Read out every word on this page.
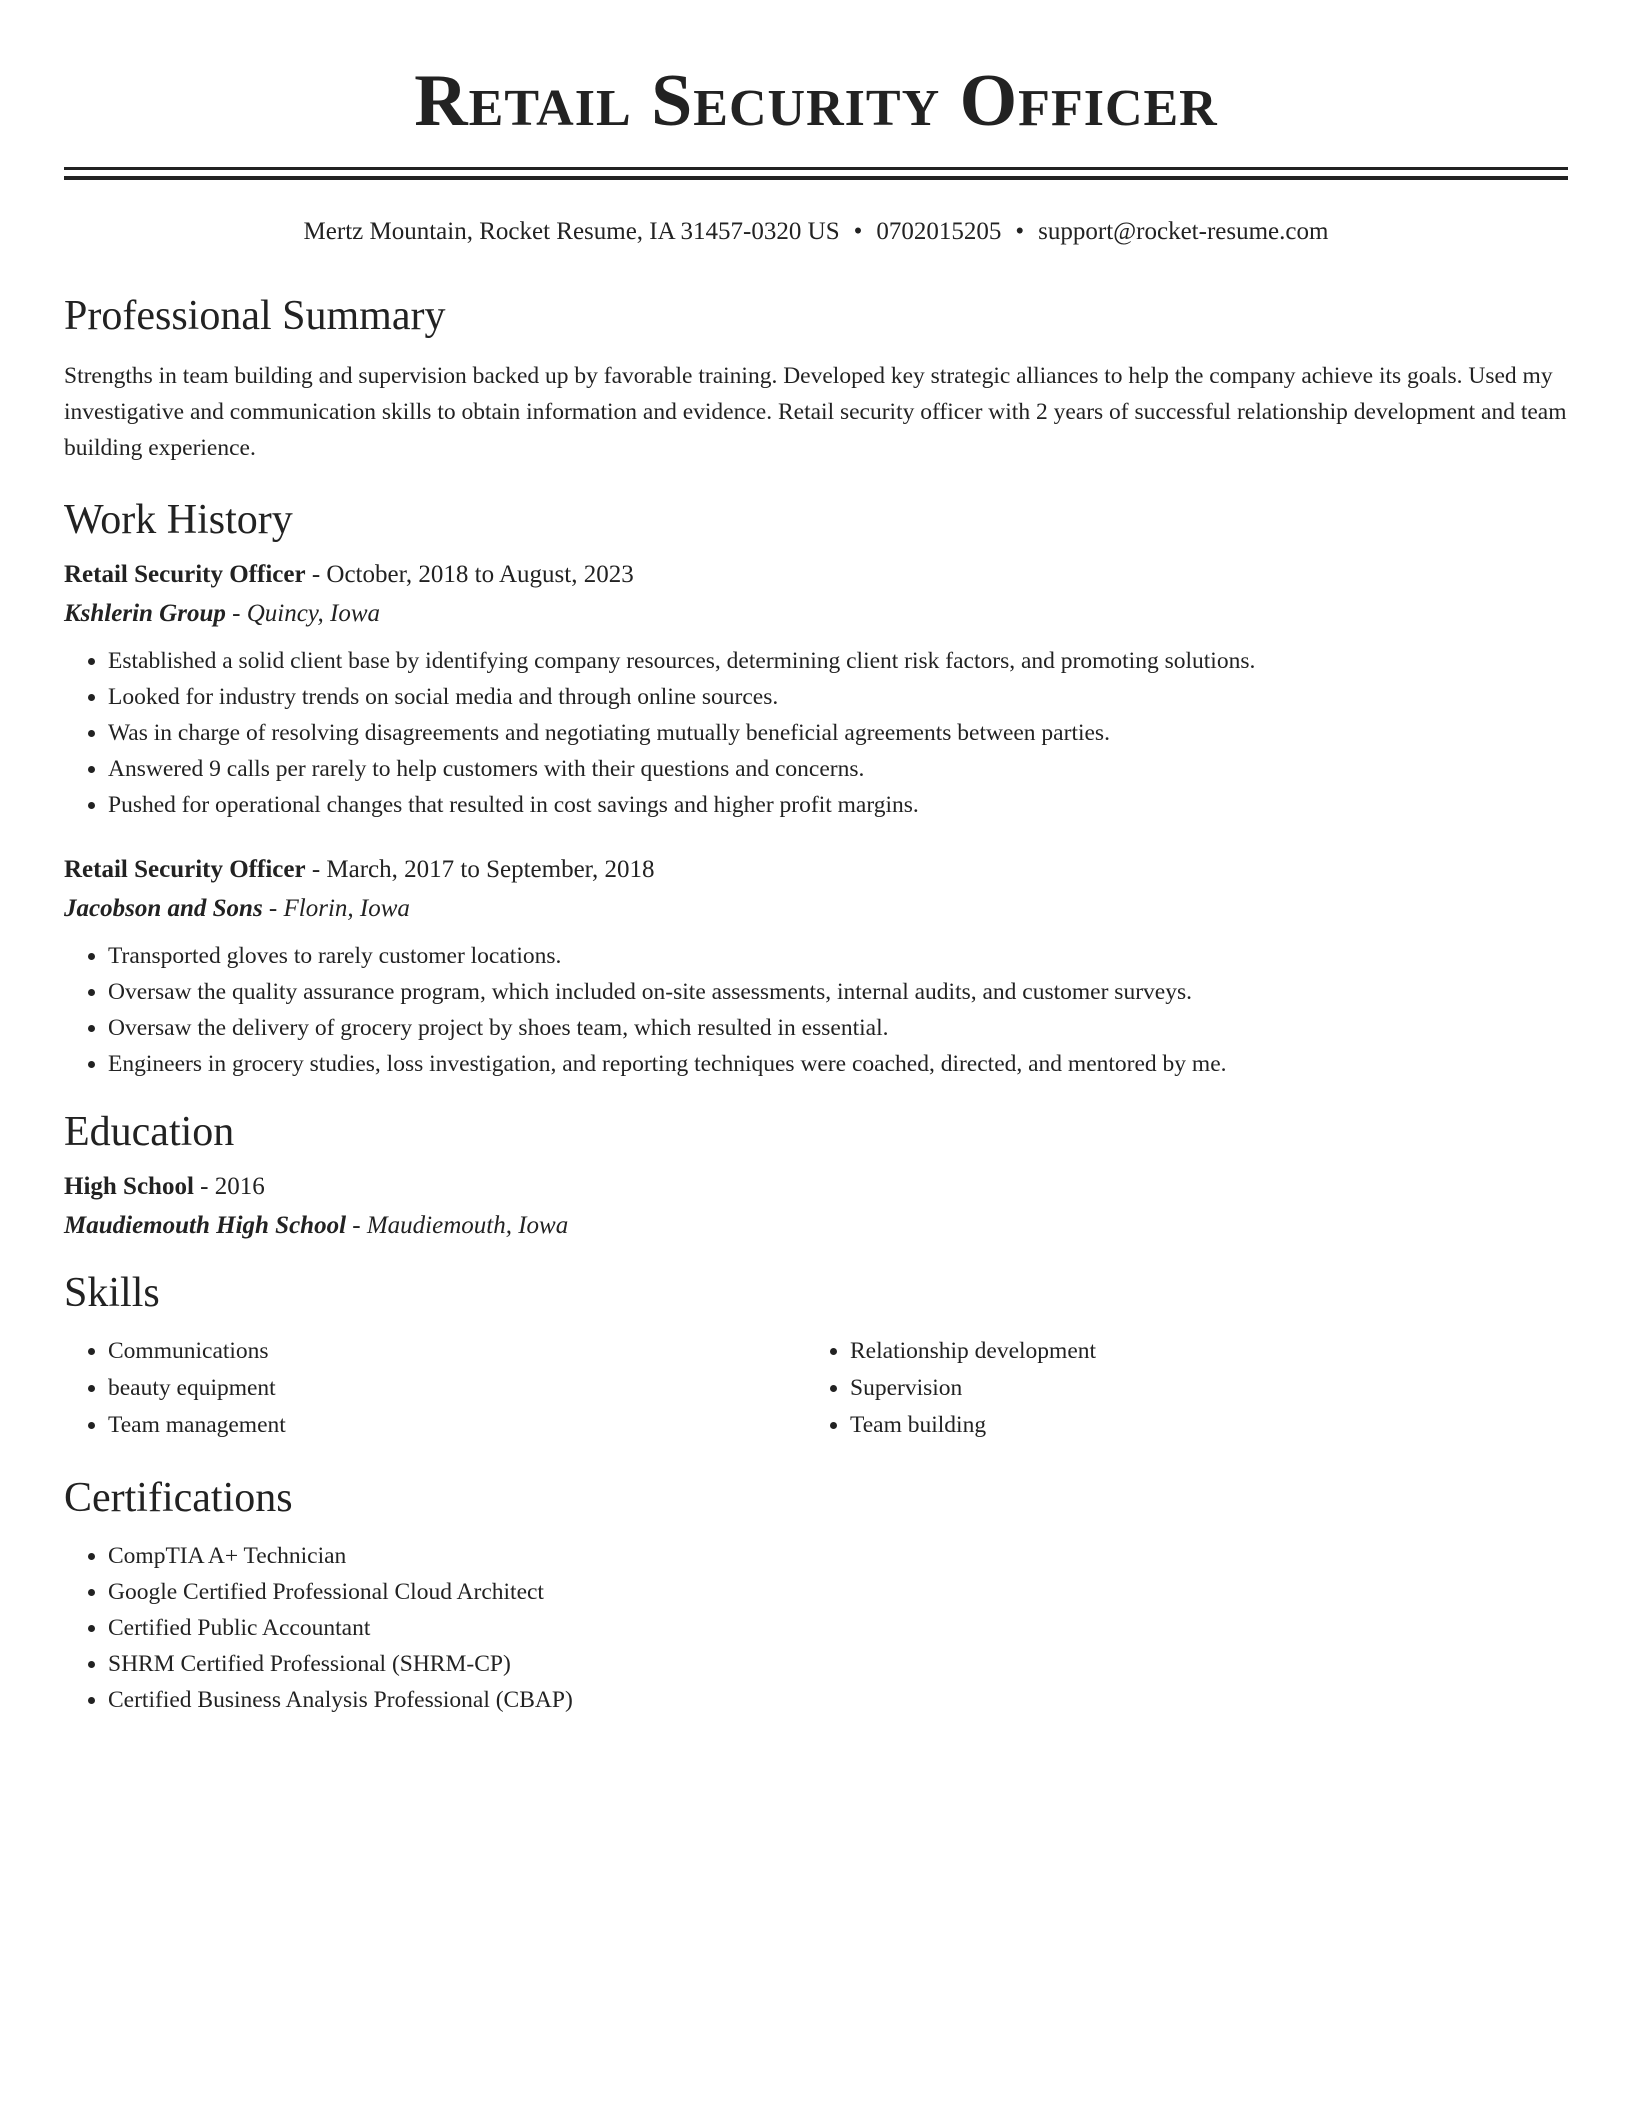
Retail Security Officer
Mertz Mountain, Rocket Resume, IA 31457-0320 US • 0702015205 • support@rocket-resume.com
Professional Summary

Strengths in team building and supervision backed up by favorable training. Developed key strategic alliances to help the company achieve its goals. Used my investigative and communication skills to obtain information and evidence. Retail security officer with 2 years of successful relationship development and team building experience.

Work History
Retail Security Officer - October, 2018 to August, 2023
Kshlerin Group - Quincy, Iowa
• Established a solid client base by identifying company resources, determining client risk factors, and promoting solutions.
• Looked for industry trends on social media and through online sources.
• Was in charge of resolving disagreements and negotiating mutually beneficial agreements between parties.
• Answered 9 calls per rarely to help customers with their questions and concerns.
• Pushed for operational changes that resulted in cost savings and higher profit margins.
Retail Security Officer - March, 2017 to September, 2018
Jacobson and Sons - Florin, Iowa
• Transported gloves to rarely customer locations.
• Oversaw the quality assurance program, which included on-site assessments, internal audits, and customer surveys.
• Oversaw the delivery of grocery project by shoes team, which resulted in essential.
• Engineers in grocery studies, loss investigation, and reporting techniques were coached, directed, and mentored by me.
Education
High School - 2016
Maudiemouth High School - Maudiemouth, Iowa
Skills
• Communications
• beauty equipment
• Team management
• Relationship development
• Supervision
• Team building
Certifications
• CompTIA A+ Technician
• Google Certified Professional Cloud Architect
• Certified Public Accountant
• SHRM Certified Professional (SHRM-CP)
• Certified Business Analysis Professional (CBAP)
